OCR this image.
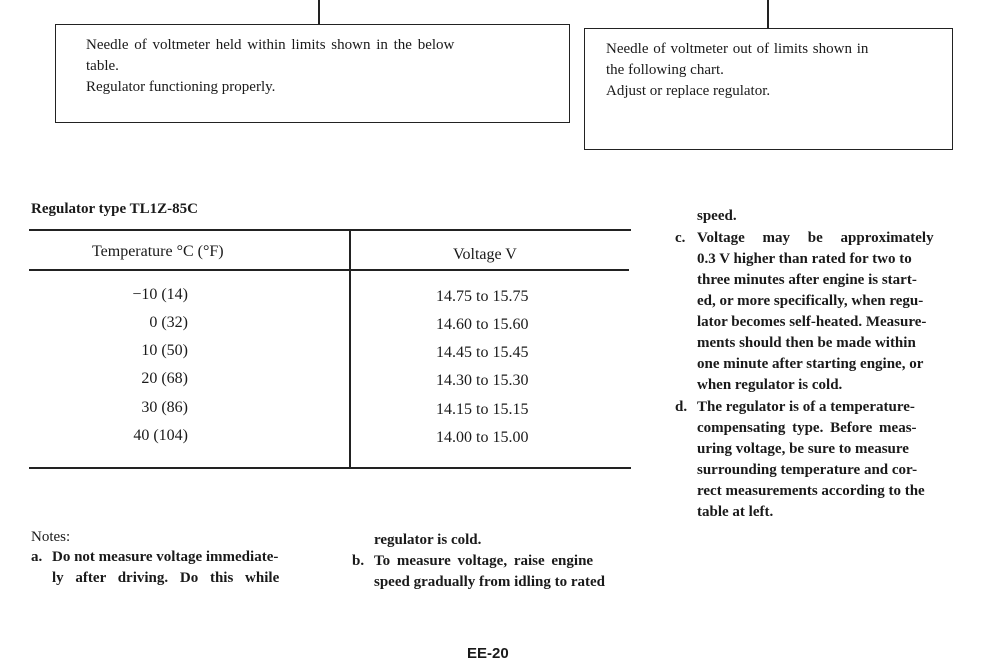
Needle of voltmeter held within limits shown in the below
table.
Regulator functioning properly.
Needle of voltmeter out of limits shown in
the following chart.
Adjust or replace regulator.
Regulator type TL1Z-85C
Temperature °C (°F)	Voltage V
−10 (14)	14.75 to 15.75
0 (32)	14.60 to 15.60
10 (50)	14.45 to 15.45
20 (68)	14.30 to 15.30
30 (86)	14.15 to 15.15
40 (104)	14.00 to 15.00
Notes:
a. Do not measure voltage immediate-
ly after driving. Do this while
regulator is cold.
b. To measure voltage, raise engine
speed gradually from idling to rated
speed.
c. Voltage may be approximately
0.3 V higher than rated for two to
three minutes after engine is start-
ed, or more specifically, when regu-
lator becomes self-heated. Measure-
ments should then be made within
one minute after starting engine, or
when regulator is cold.
d. The regulator is of a temperature-
compensating type. Before meas-
uring voltage, be sure to measure
surrounding temperature and cor-
rect measurements according to the
table at left.
EE-20
